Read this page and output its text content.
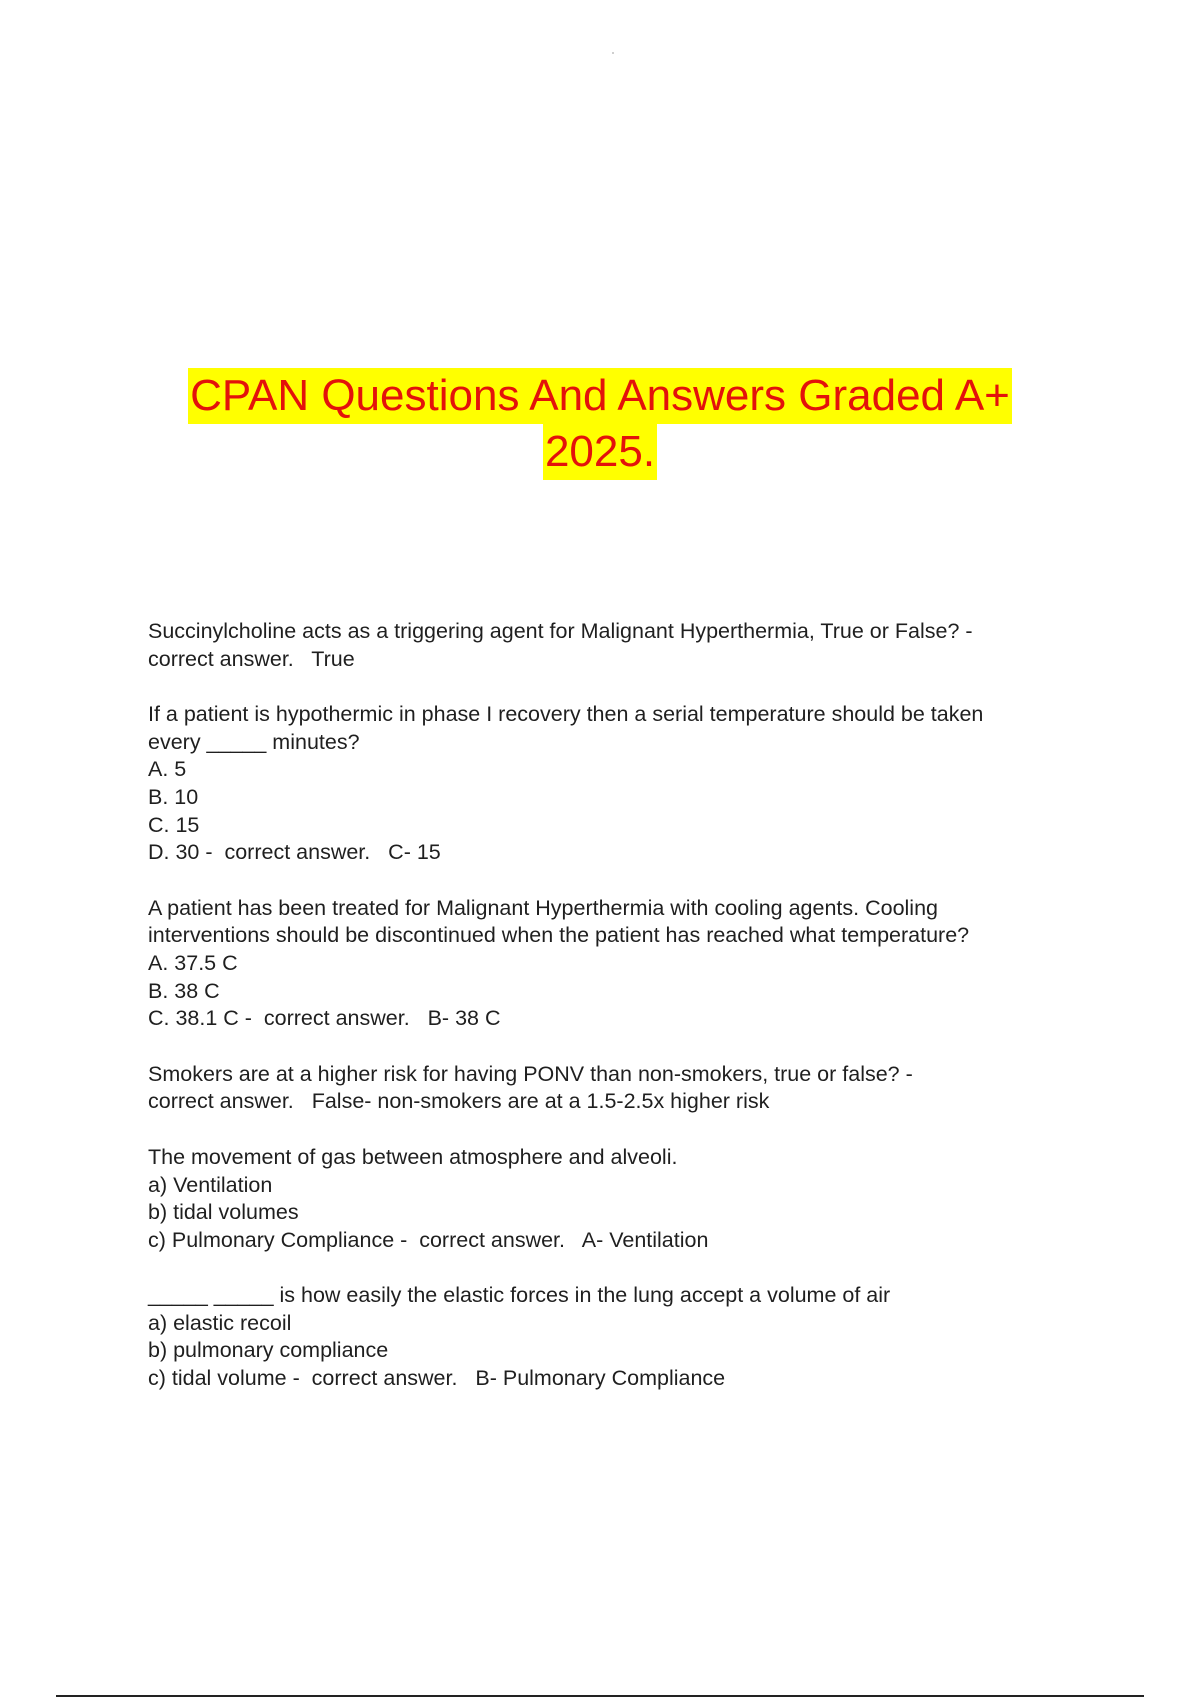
CPAN Questions And Answers Graded A+
2025.
Succinylcholine acts as a triggering agent for Malignant Hyperthermia, True or False? -
correct answer.   True
If a patient is hypothermic in phase I recovery then a serial temperature should be taken
every _____ minutes?
A. 5
B. 10
C. 15
D. 30 -  correct answer.   C- 15
A patient has been treated for Malignant Hyperthermia with cooling agents. Cooling
interventions should be discontinued when the patient has reached what temperature?
A. 37.5 C
B. 38 C
C. 38.1 C -  correct answer.   B- 38 C
Smokers are at a higher risk for having PONV than non-smokers, true or false? -
correct answer.   False- non-smokers are at a 1.5-2.5x higher risk
The movement of gas between atmosphere and alveoli.
a) Ventilation
b) tidal volumes
c) Pulmonary Compliance -  correct answer.   A- Ventilation
_____ _____ is how easily the elastic forces in the lung accept a volume of air
a) elastic recoil
b) pulmonary compliance
c) tidal volume -  correct answer.   B- Pulmonary Compliance
